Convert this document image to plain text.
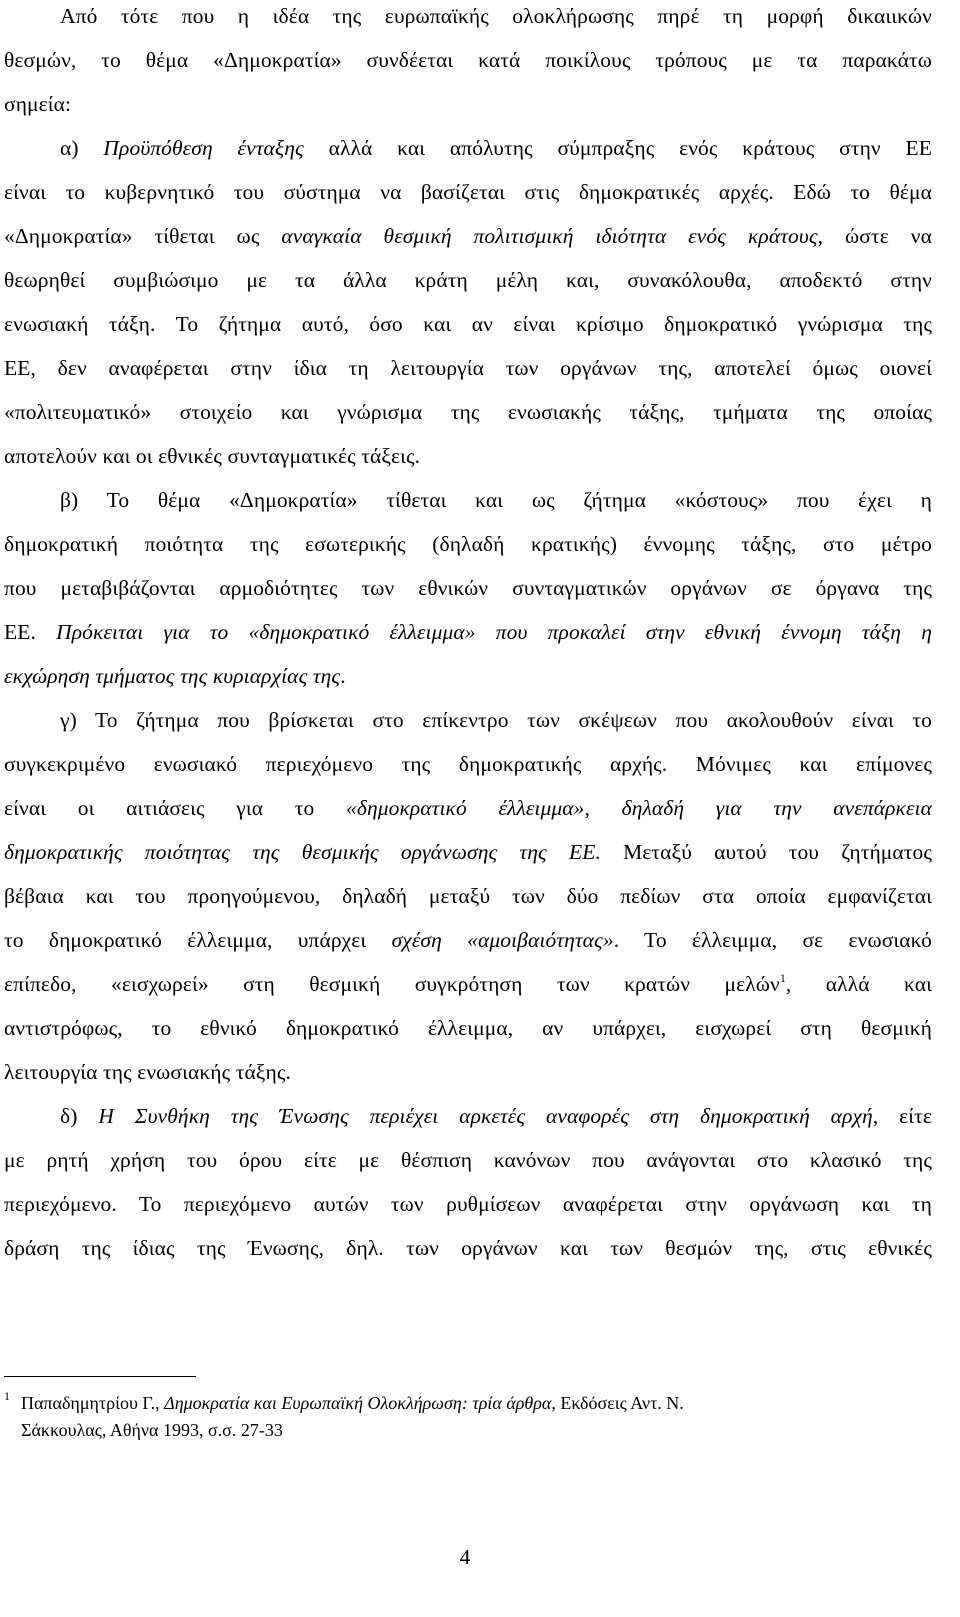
Από τότε που η ιδέα της ευρωπαϊκής ολοκλήρωσης πηρέ τη μορφή δικαιικών
θεσμών, το θέμα «Δημοκρατία» συνδέεται κατά ποικίλους τρόπους με τα παρακάτω
σημεία:
α) Προϋπόθεση ένταξης αλλά και απόλυτης σύμπραξης ενός κράτους στην ΕΕ
είναι το κυβερνητικό του σύστημα να βασίζεται στις δημοκρατικές αρχές. Εδώ το θέμα
«Δημοκρατία» τίθεται ως αναγκαία θεσμική πολιτισμική ιδιότητα ενός κράτους, ώστε να
θεωρηθεί συμβιώσιμο με τα άλλα κράτη μέλη και, συνακόλουθα, αποδεκτό στην
ενωσιακή τάξη. Το ζήτημα αυτό, όσο και αν είναι κρίσιμο δημοκρατικό γνώρισμα της
ΕΕ, δεν αναφέρεται στην ίδια τη λειτουργία των οργάνων της, αποτελεί όμως οιονεί
«πολιτευματικό» στοιχείο και γνώρισμα της ενωσιακής τάξης, τμήματα της οποίας
αποτελούν και οι εθνικές συνταγματικές τάξεις.
β) Το θέμα «Δημοκρατία» τίθεται και ως ζήτημα «κόστους» που έχει η
δημοκρατική ποιότητα της εσωτερικής (δηλαδή κρατικής) έννομης τάξης, στο μέτρο
που μεταβιβάζονται αρμοδιότητες των εθνικών συνταγματικών οργάνων σε όργανα της
ΕΕ. Πρόκειται για το «δημοκρατικό έλλειμμα» που προκαλεί στην εθνική έννομη τάξη η
εκχώρηση τμήματος της κυριαρχίας της.
γ) Το ζήτημα που βρίσκεται στο επίκεντρο των σκέψεων που ακολουθούν είναι το
συγκεκριμένο ενωσιακό περιεχόμενο της δημοκρατικής αρχής. Μόνιμες και επίμονες
είναι οι αιτιάσεις για το «δημοκρατικό έλλειμμα», δηλαδή για την ανεπάρκεια
δημοκρατικής ποιότητας της θεσμικής οργάνωσης της ΕΕ. Μεταξύ αυτού του ζητήματος
βέβαια και του προηγούμενου, δηλαδή μεταξύ των δύο πεδίων στα οποία εμφανίζεται
το δημοκρατικό έλλειμμα, υπάρχει σχέση «αμοιβαιότητας». Το έλλειμμα, σε ενωσιακό
επίπεδο, «εισχωρεί» στη θεσμική συγκρότηση των κρατών μελών$^1$, αλλά και
αντιστρόφως, το εθνικό δημοκρατικό έλλειμμα, αν υπάρχει, εισχωρεί στη θεσμική
λειτουργία της ενωσιακής τάξης.
δ) Η Συνθήκη της Ένωσης περιέχει αρκετές αναφορές στη δημοκρατική αρχή, είτε
με ρητή χρήση του όρου είτε με θέσπιση κανόνων που ανάγονται στο κλασικό της
περιεχόμενο. Το περιεχόμενο αυτών των ρυθμίσεων αναφέρεται στην οργάνωση και τη
δράση της ίδιας της Ένωσης, δηλ. των οργάνων και των θεσμών της, στις εθνικές
$^1$ Παπαδημητρίου Γ., Δημοκρατία και Ευρωπαϊκή Ολοκλήρωση: τρία άρθρα, Εκδόσεις Αντ. Ν.
Σάκκουλας, Αθήνα 1993, σ.σ. 27-33
4
